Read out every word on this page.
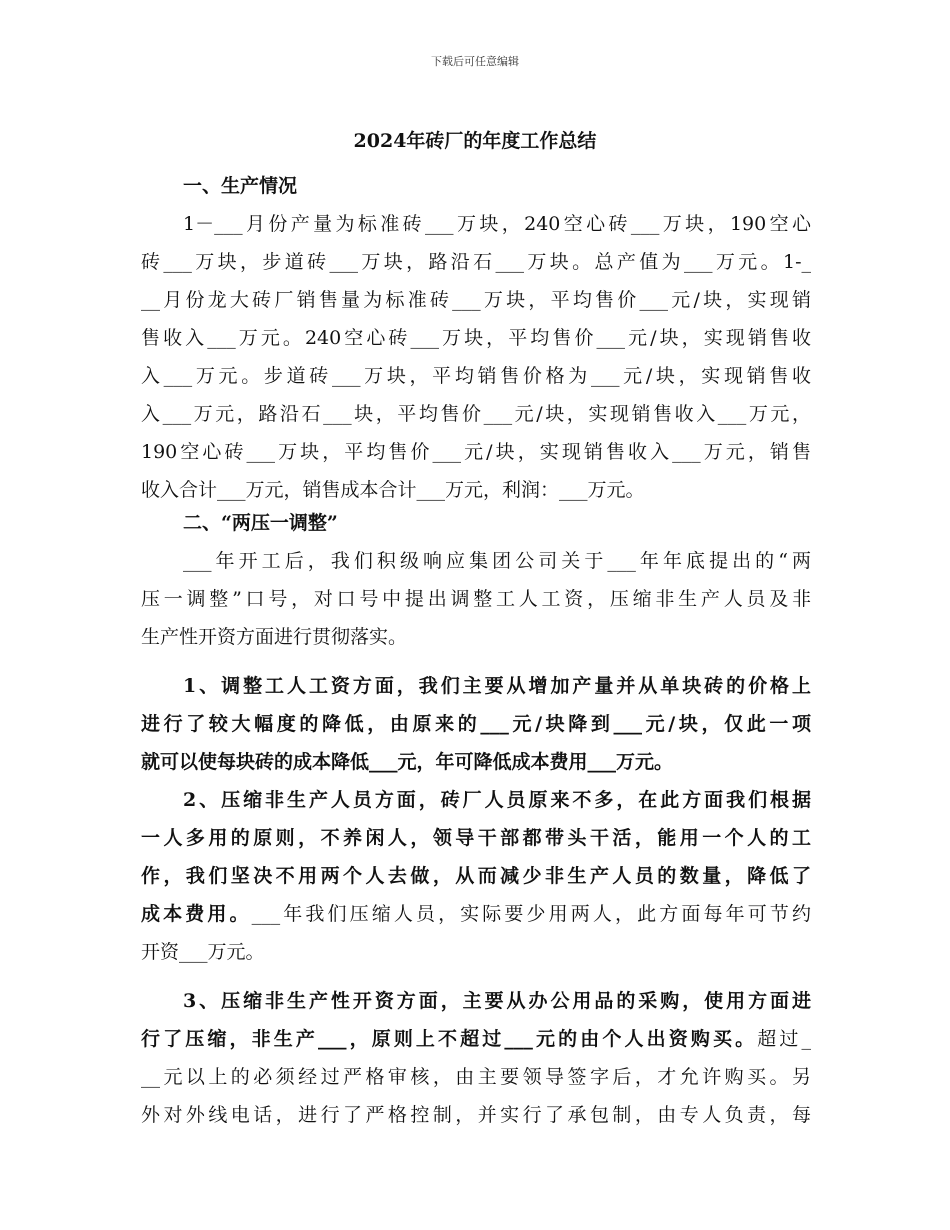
下载后可任意编辑
2024年砖厂的年度工作总结
一、生产情况
1－___月份产量为标准砖___万块，240空心砖___万块，190空心
砖___万块，步道砖___万块，路沿石___万块。总产值为___万元。1-_
__月份龙大砖厂销售量为标准砖___万块，平均售价___元/块，实现销
售收入___万元。240空心砖___万块，平均售价___元/块，实现销售收
入___万元。步道砖___万块，平均销售价格为___元/块，实现销售收
入___万元，路沿石___块，平均售价___元/块，实现销售收入___万元，
190空心砖___万块，平均售价___元/块，实现销售收入___万元，销售
收入合计___万元，销售成本合计___万元，利润：___万元。
二、“两压一调整”
___年开工后，我们积级响应集团公司关于___年年底提出的“两
压一调整”口号，对口号中提出调整工人工资，压缩非生产人员及非
生产性开资方面进行贯彻落实。
1、调整工人工资方面，我们主要从增加产量并从单块砖的价格上
进行了较大幅度的降低，由原来的___元/块降到___元/块，仅此一项
就可以使每块砖的成本降低___元，年可降低成本费用___万元。
2、压缩非生产人员方面，砖厂人员原来不多，在此方面我们根据
一人多用的原则，不养闲人，领导干部都带头干活，能用一个人的工
作，我们坚决不用两个人去做，从而减少非生产人员的数量，降低了
成本费用。___年我们压缩人员，实际要少用两人，此方面每年可节约
开资___万元。
3、压缩非生产性开资方面，主要从办公用品的采购，使用方面进
行了压缩，非生产___，原则上不超过___元的由个人出资购买。超过_
__元以上的必须经过严格审核，由主要领导签字后，才允许购买。另
外对外线电话，进行了严格控制，并实行了承包制，由专人负责，每
